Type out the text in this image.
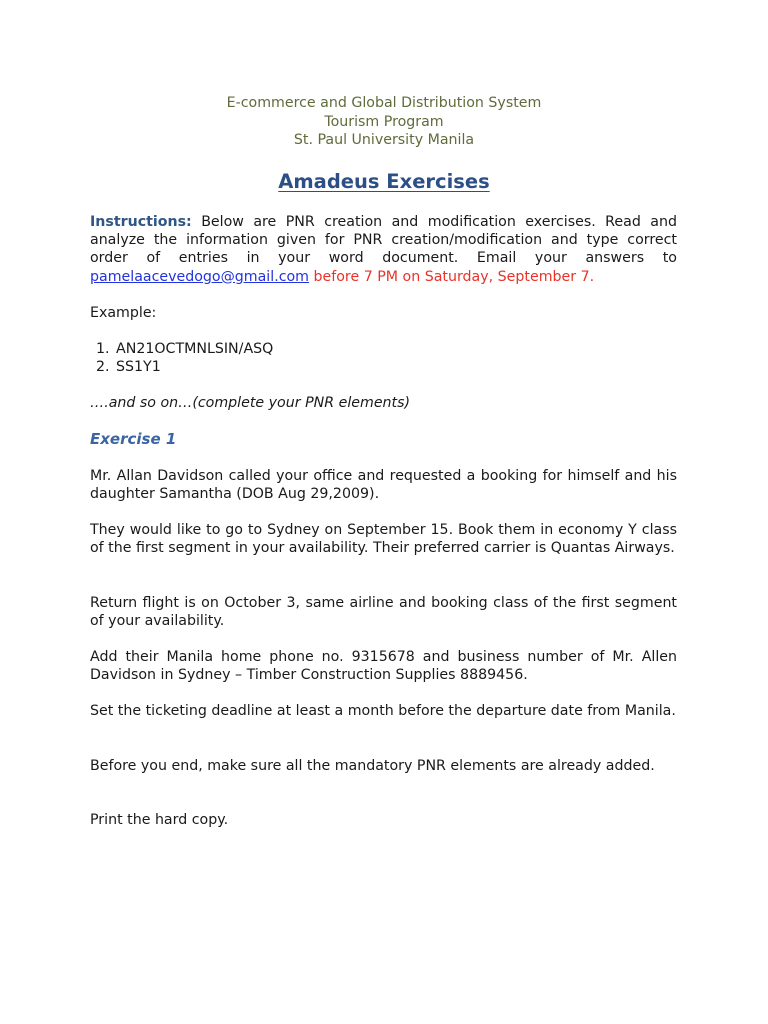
E-commerce and Global Distribution System
Tourism Program
St. Paul University Manila
Amadeus Exercises
Instructions: Below are PNR creation and modification exercises. Read and analyze the information given for PNR creation/modification and type correct order of entries in your word document. Email your answers to pamelaacevedogo@gmail.com before 7 PM on Saturday, September 7.
Example:
1. AN21OCTMNLSIN/ASQ
2. SS1Y1
….and so on…(complete your PNR elements)
Exercise 1
Mr. Allan Davidson called your office and requested a booking for himself and his daughter Samantha (DOB Aug 29,2009).
They would like to go to Sydney on September 15. Book them in economy Y class of the first segment in your availability. Their preferred carrier is Quantas Airways.
Return flight is on October 3, same airline and booking class of the first segment of your availability.
Add their Manila home phone no. 9315678 and business number of Mr. Allen Davidson in Sydney – Timber Construction Supplies 8889456.
Set the ticketing deadline at least a month before the departure date from Manila.
Before you end, make sure all the mandatory PNR elements are already added.
Print the hard copy.
